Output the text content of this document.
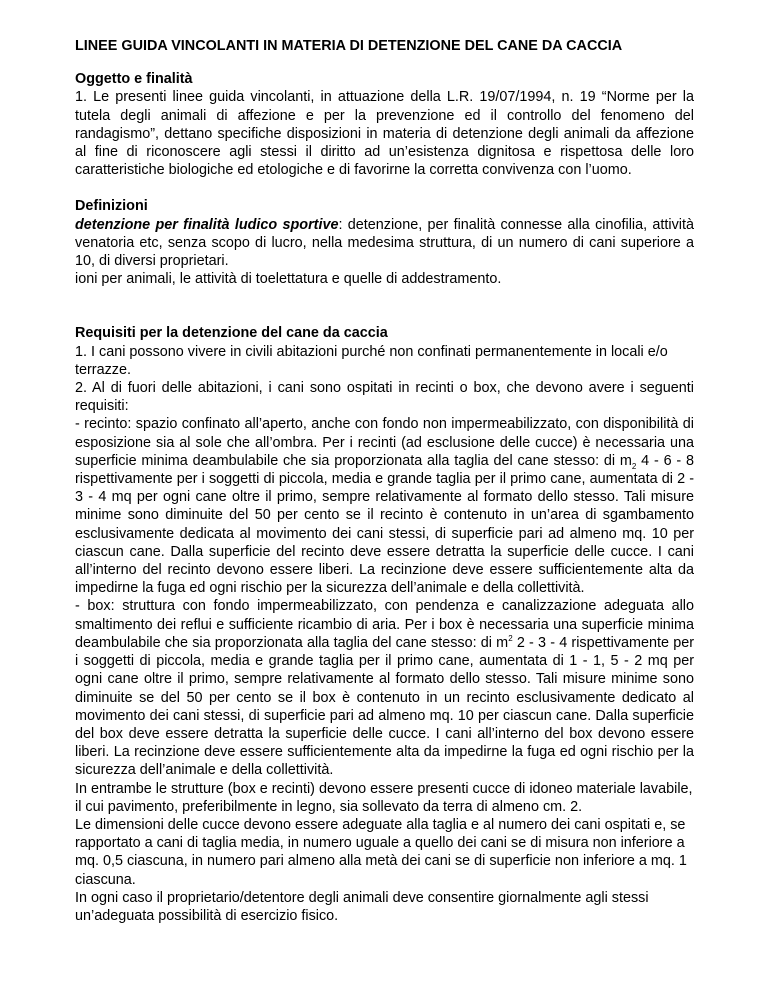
LINEE GUIDA VINCOLANTI IN MATERIA DI DETENZIONE DEL CANE DA CACCIA
Oggetto e finalità

1. Le presenti linee guida vincolanti, in attuazione della L.R. 19/07/1994, n. 19 “Norme per la tutela degli animali di affezione e per la prevenzione ed il controllo del fenomeno del randagismo”, dettano specifiche disposizioni in materia di detenzione degli animali da affezione al fine di riconoscere agli stessi il diritto ad un’esistenza dignitosa e rispettosa delle loro caratteristiche biologiche ed etologiche e di favorirne la corretta convivenza con l’uomo.

Definizioni

detenzione per finalità ludico sportive: detenzione, per finalità connesse alla cinofilia, attività venatoria etc, senza scopo di lucro, nella medesima struttura, di un numero di cani superiore a 10, di diversi proprietari.

ioni per animali, le attività di toelettatura e quelle di addestramento.

Requisiti per la detenzione del cane da caccia

1. I cani possono vivere in civili abitazioni purché non confinati permanentemente in locali e/o terrazze.

2. Al di fuori delle abitazioni, i cani sono ospitati in recinti o box, che devono avere i seguenti requisiti:

- recinto: spazio confinato all’aperto, anche con fondo non impermeabilizzato, con disponibilità di esposizione sia al sole che all’ombra. Per i recinti (ad esclusione delle cucce) è necessaria una superficie minima deambulabile che sia proporzionata alla taglia del cane stesso: di $m_2$ 4 - 6 - 8 rispettivamente per i soggetti di piccola, media e grande taglia per il primo cane, aumentata di 2 - 3 - 4 mq per ogni cane oltre il primo, sempre relativamente al formato dello stesso. Tali misure minime sono diminuite del 50 per cento se il recinto è contenuto in un’area di sgambamento esclusivamente dedicata al movimento dei cani stessi, di superficie pari ad almeno mq. 10 per ciascun cane. Dalla superficie del recinto deve essere detratta la superficie delle cucce. I cani all’interno del recinto devono essere liberi. La recinzione deve essere sufficientemente alta da impedirne la fuga ed ogni rischio per la sicurezza dell’animale e della collettività.

- box: struttura con fondo impermeabilizzato, con pendenza e canalizzazione adeguata allo smaltimento dei reflui e sufficiente ricambio di aria. Per i box è necessaria una superficie minima deambulabile che sia proporzionata alla taglia del cane stesso: di $m^2$ 2 - 3 - 4 rispettivamente per i soggetti di piccola, media e grande taglia per il primo cane, aumentata di 1 - 1, 5 - 2 mq per ogni cane oltre il primo, sempre relativamente al formato dello stesso. Tali misure minime sono diminuite se del 50 per cento se il box è contenuto in un recinto esclusivamente dedicato al movimento dei cani stessi, di superficie pari ad almeno mq. 10 per ciascun cane. Dalla superficie del box deve essere detratta la superficie delle cucce. I cani all’interno del box devono essere liberi. La recinzione deve essere sufficientemente alta da impedirne la fuga ed ogni rischio per la sicurezza dell’animale e della collettività.

In entrambe le strutture (box e recinti) devono essere presenti cucce di idoneo materiale lavabile, il cui pavimento, preferibilmente in legno, sia sollevato da terra di almeno cm. 2.

Le dimensioni delle cucce devono essere adeguate alla taglia e al numero dei cani ospitati e, se rapportato a cani di taglia media, in numero uguale a quello dei cani se di misura non inferiore a mq. 0,5 ciascuna, in numero pari almeno alla metà dei cani se di superficie non inferiore a mq. 1 ciascuna.

In ogni caso il proprietario/detentore degli animali deve consentire giornalmente agli stessi un’adeguata possibilità di esercizio fisico.
